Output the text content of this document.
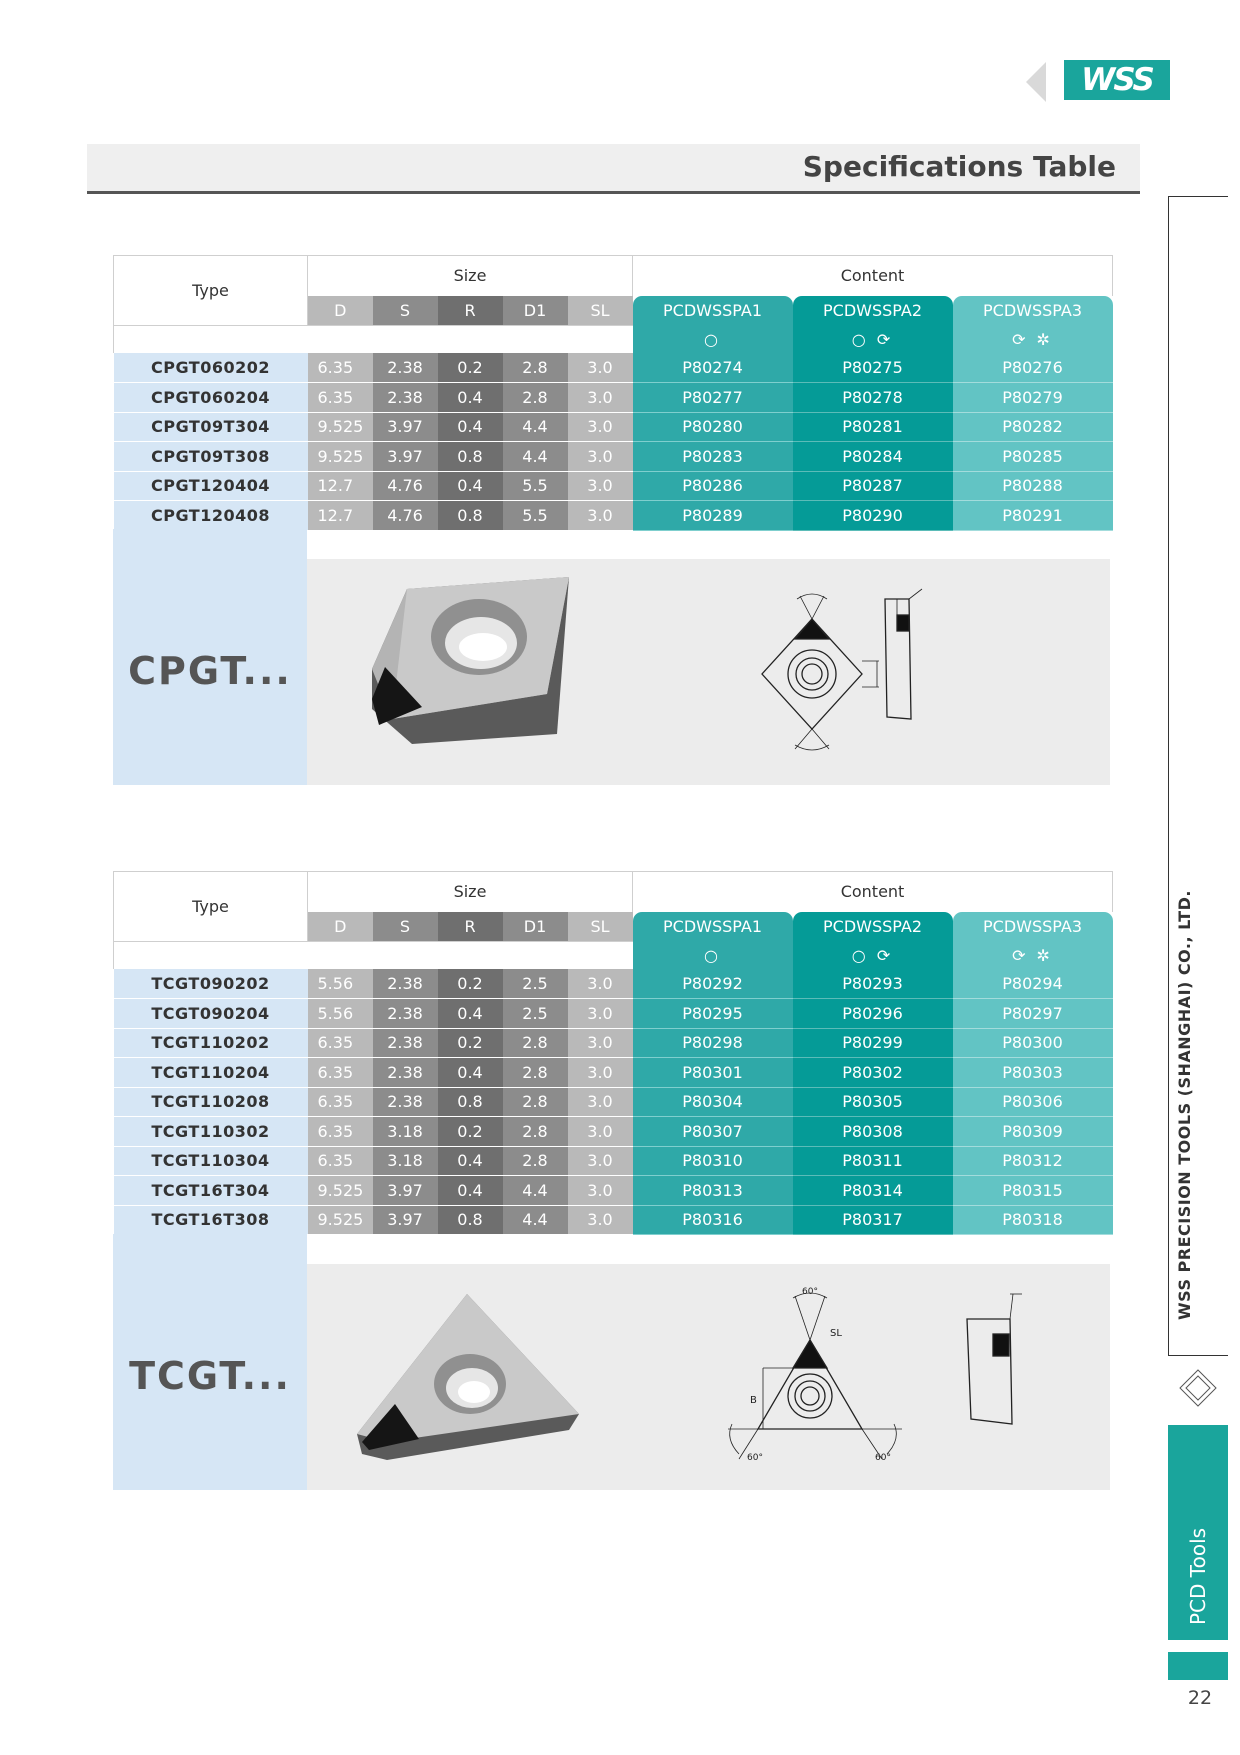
WSS
Specifications Table
Type	Size					Content		
	D	S	R	D1	SL	PCDWSSPA1	PCDWSSPA2	PCDWSSPA3
						○	○ ⟳	⟳ ✲
CPGT060202	6.35	2.38	0.2	2.8	3.0	P80274	P80275	P80276
CPGT060204	6.35	2.38	0.4	2.8	3.0	P80277	P80278	P80279
CPGT09T304	9.525	3.97	0.4	4.4	3.0	P80280	P80281	P80282
CPGT09T308	9.525	3.97	0.8	4.4	3.0	P80283	P80284	P80285
CPGT120404	12.7	4.76	0.4	5.5	3.0	P80286	P80287	P80288
CPGT120408	12.7	4.76	0.8	5.5	3.0	P80289	P80290	P80291
CPGT...
Type	Size					Content		
	D	S	R	D1	SL	PCDWSSPA1	PCDWSSPA2	PCDWSSPA3
						○	○ ⟳	⟳ ✲
TCGT090202	5.56	2.38	0.2	2.5	3.0	P80292	P80293	P80294
TCGT090204	5.56	2.38	0.4	2.5	3.0	P80295	P80296	P80297
TCGT110202	6.35	2.38	0.2	2.8	3.0	P80298	P80299	P80300
TCGT110204	6.35	2.38	0.4	2.8	3.0	P80301	P80302	P80303
TCGT110208	6.35	2.38	0.8	2.8	3.0	P80304	P80305	P80306
TCGT110302	6.35	3.18	0.2	2.8	3.0	P80307	P80308	P80309
TCGT110304	6.35	3.18	0.4	2.8	3.0	P80310	P80311	P80312
TCGT16T304	9.525	3.97	0.4	4.4	3.0	P80313	P80314	P80315
TCGT16T308	9.525	3.97	0.8	4.4	3.0	P80316	P80317	P80318
TCGT...
60°
60°	60°
B
SL
WSS PRECISION TOOLS (SHANGHAI) CO., LTD.
PCD Tools
22
